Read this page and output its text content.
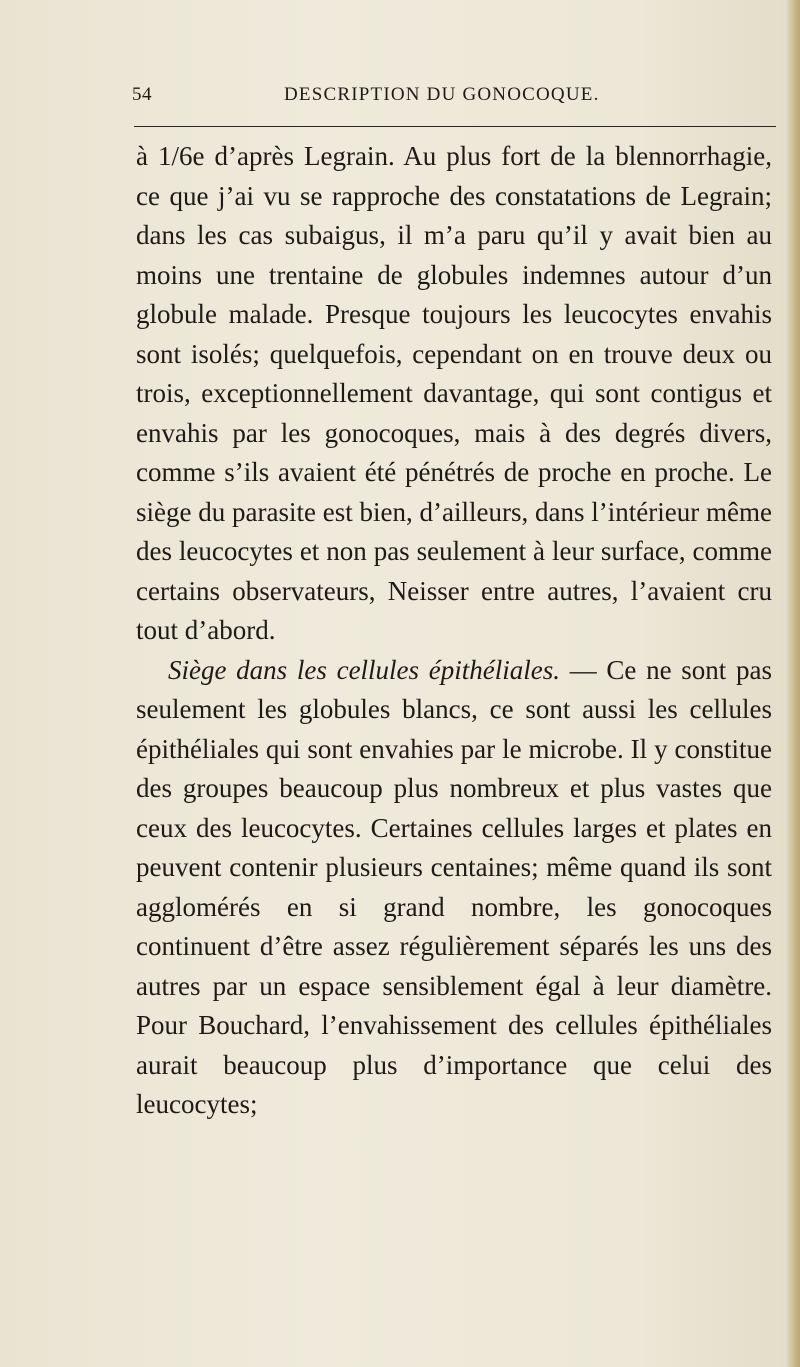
54	DESCRIPTION DU GONOCOQUE.

à 1/6e d’après Legrain. Au plus fort de la blennorrhagie, ce que j’ai vu se rapproche des constatations de Legrain; dans les cas subaigus, il m’a paru qu’il y avait bien au moins une trentaine de globules indemnes autour d’un globule malade. Presque toujours les leucocytes envahis sont isolés; quelquefois, cependant on en trouve deux ou trois, exceptionnellement davantage, qui sont contigus et envahis par les gonocoques, mais à des degrés divers, comme s’ils avaient été pénétrés de proche en proche. Le siège du parasite est bien, d’ailleurs, dans l’intérieur même des leucocytes et non pas seulement à leur surface, comme certains observateurs, Neisser entre autres, l’avaient cru tout d’abord.

Siège dans les cellules épithéliales. — Ce ne sont pas seulement les globules blancs, ce sont aussi les cellules épithéliales qui sont envahies par le microbe. Il y constitue des groupes beaucoup plus nombreux et plus vastes que ceux des leucocytes. Certaines cellules larges et plates en peuvent contenir plusieurs centaines; même quand ils sont agglomérés en si grand nombre, les gonocoques continuent d’être assez régulièrement séparés les uns des autres par un espace sensiblement égal à leur diamètre. Pour Bouchard, l’envahissement des cellules épithéliales aurait beaucoup plus d’importance que celui des leucocytes;
